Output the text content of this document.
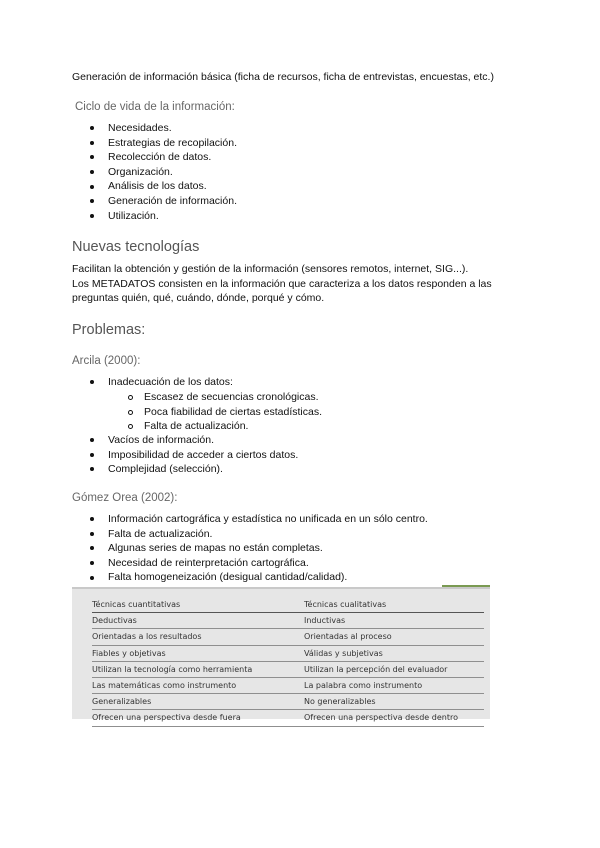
Generación de información básica (ficha de recursos, ficha de entrevistas, encuestas, etc.)
Ciclo de vida de la información:
Necesidades.
Estrategias de recopilación.
Recolección de datos.
Organización.
Análisis de los datos.
Generación de información.
Utilización.
Nuevas tecnologías

Facilitan la obtención y gestión de la información (sensores remotos, internet, SIG...).

Los METADATOS consisten en la información que caracteriza a los datos responden a las preguntas quién, qué, cuándo, dónde, porqué y cómo.

Problemas:
Arcila (2000):
Inadecuación de los datos:
Escasez de secuencias cronológicas.
Poca fiabilidad de ciertas estadísticas.
Falta de actualización.
Vacíos de información.
Imposibilidad de acceder a ciertos datos.
Complejidad (selección).
Gómez Orea (2002):
Información cartográfica y estadística no unificada en un sólo centro.
Falta de actualización.
Algunas series de mapas no están completas.
Necesidad de reinterpretación cartográfica.
Falta homogeneización (desigual cantidad/calidad).
Técnicas cuantitativas	Técnicas cualitativas
Deductivas	Inductivas
Orientadas a los resultados	Orientadas al proceso
Fiables y objetivas	Válidas y subjetivas
Utilizan la tecnología como herramienta	Utilizan la percepción del evaluador
Las matemáticas como instrumento	La palabra como instrumento
Generalizables	No generalizables
Ofrecen una perspectiva desde fuera	Ofrecen una perspectiva desde dentro
